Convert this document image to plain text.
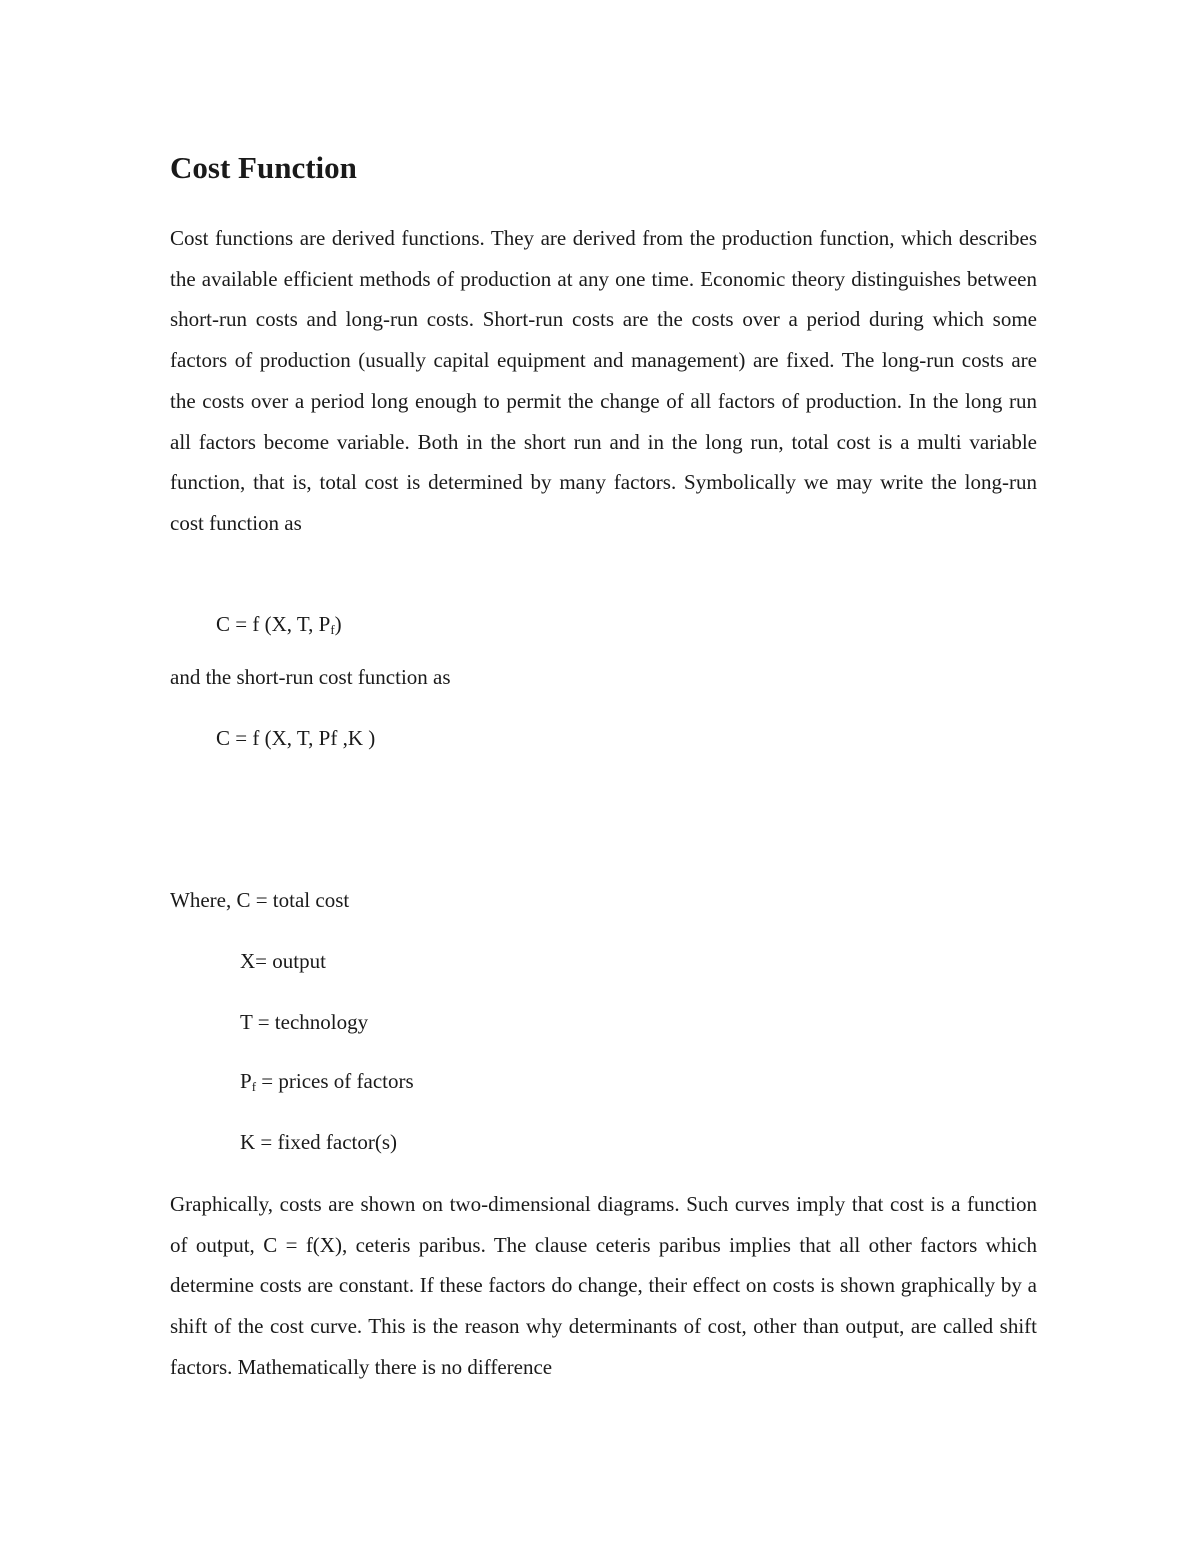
Cost Function

Cost functions are derived functions. They are derived from the production function, which describes the available efficient methods of production at any one time. Economic theory distinguishes between short-run costs and long-run costs. Short-run costs are the costs over a period during which some factors of production (usually capital equipment and management) are fixed. The long-run costs are the costs over a period long enough to permit the change of all factors of production. In the long run all factors become variable. Both in the short run and in the long run, total cost is a multi variable function, that is, total cost is determined by many factors. Symbolically we may write the long-run cost function as

C = f (X, T, $P_f$)

and the short-run cost function as

C = f (X, T, Pf ,K )

Where, C = total cost

X= output

T = technology

$P_f$ = prices of factors

K = fixed factor(s)

Graphically, costs are shown on two-dimensional diagrams. Such curves imply that cost is a function of output, C = f(X), ceteris paribus. The clause ceteris paribus implies that all other factors which determine costs are constant. If these factors do change, their effect on costs is shown graphically by a shift of the cost curve. This is the reason why determinants of cost, other than output, are called shift factors. Mathematically there is no difference
